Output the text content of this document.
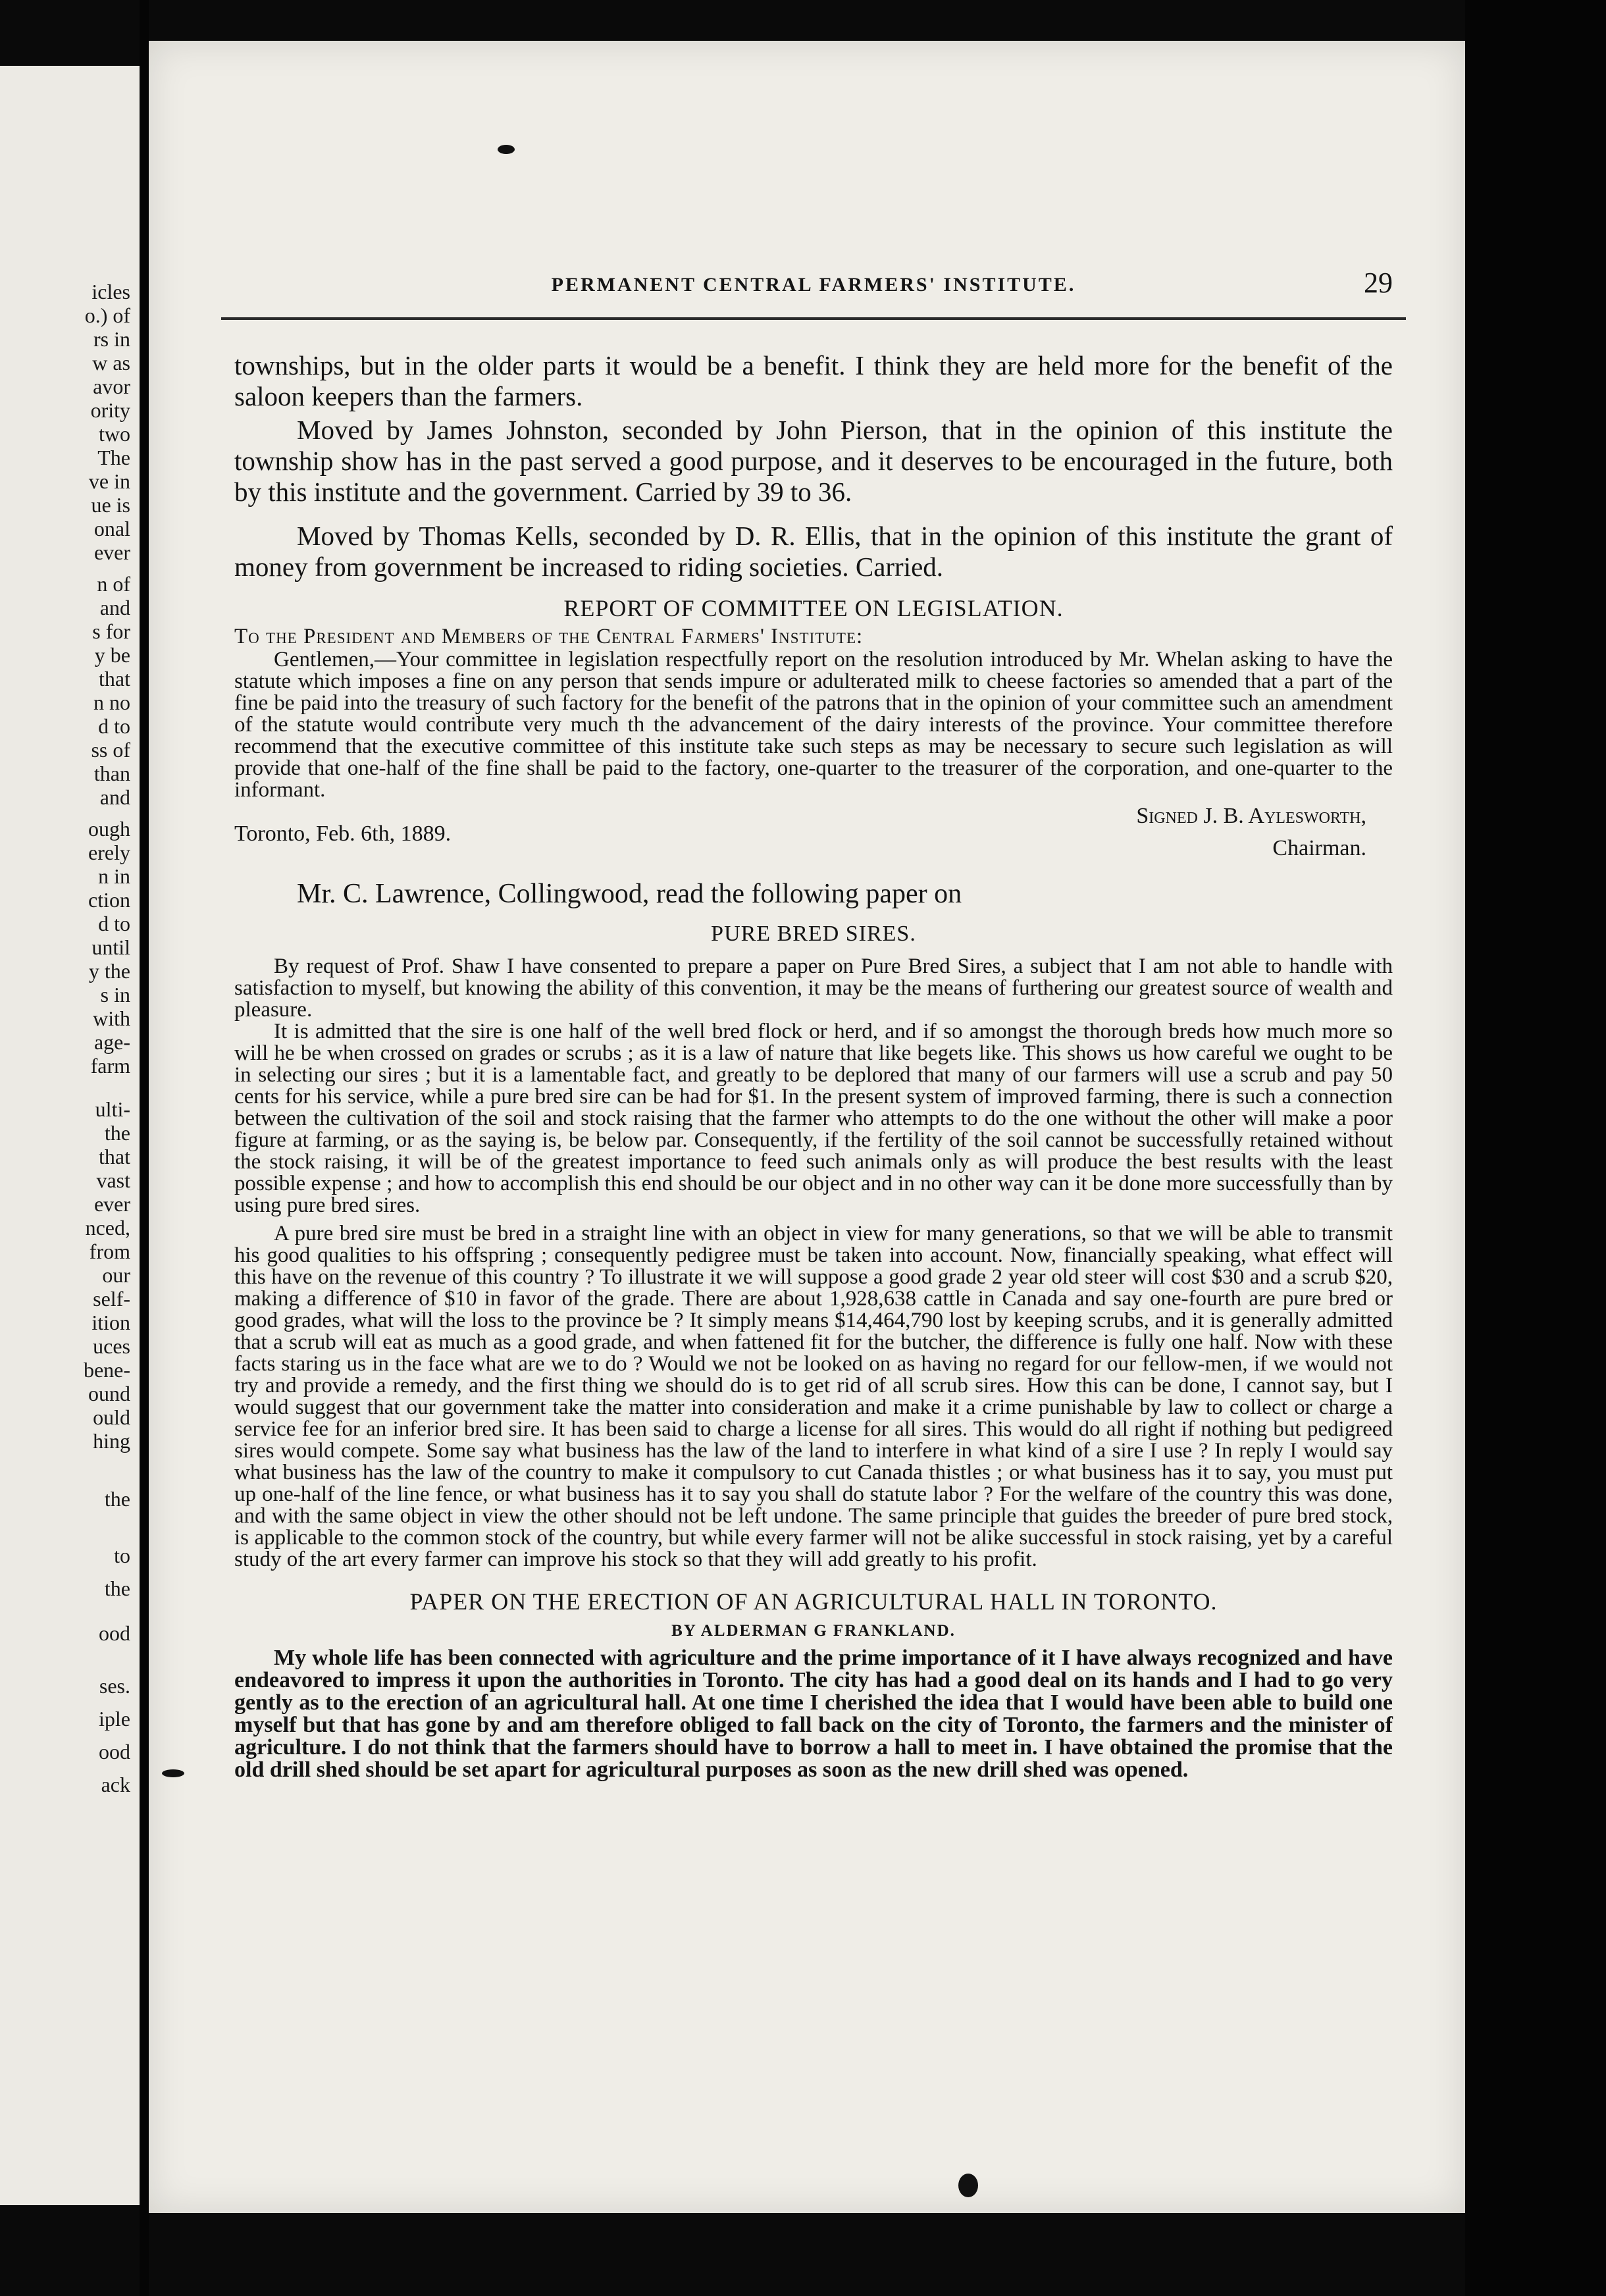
icles
o.) of
rs in
w as
avor
ority
two
The
ve in
ue is
onal
ever
n of
and
s for
y be
that
n no
d to
ss of
than
and
ough
erely
n in
ction
d to
until
y the
s in
with
age-
farm
ulti-
the
that
vast
ever
nced,
from
our
self-
ition
uces
bene-
ound
ould
hing
the
to
the
ood
ses.
iple
ood
ack
PERMANENT CENTRAL FARMERS' INSTITUTE.	29

townships, but in the older parts it would be a benefit. I think they are held more for the benefit of the saloon keepers than the farmers.

Moved by James Johnston, seconded by John Pierson, that in the opinion of this institute the township show has in the past served a good purpose, and it deserves to be encouraged in the future, both by this institute and the government. Carried by 39 to 36.

Moved by Thomas Kells, seconded by D. R. Ellis, that in the opinion of this institute the grant of money from government be increased to riding societies. Carried.

REPORT OF COMMITTEE ON LEGISLATION.

To the President and Members of the Central Farmers' Institute:

Gentlemen,—Your committee in legislation respectfully report on the resolution introduced by Mr. Whelan asking to have the statute which imposes a fine on any person that sends impure or adulterated milk to cheese factories so amended that a part of the fine be paid into the treasury of such factory for the benefit of the patrons that in the opinion of your committee such an amendment of the statute would contribute very much th the advancement of the dairy interests of the province. Your committee therefore recommend that the executive committee of this institute take such steps as may be necessary to secure such legislation as will provide that one-half of the fine shall be paid to the factory, one-quarter to the treasurer of the corporation, and one-quarter to the informant.

Signed J. B. Aylesworth,
Toronto, Feb. 6th, 1889.
Chairman.

Mr. C. Lawrence, Collingwood, read the following paper on

PURE BRED SIRES.

By request of Prof. Shaw I have consented to prepare a paper on Pure Bred Sires, a subject that I am not able to handle with satisfaction to myself, but knowing the ability of this convention, it may be the means of furthering our greatest source of wealth and pleasure.

It is admitted that the sire is one half of the well bred flock or herd, and if so amongst the thorough breds how much more so will he be when crossed on grades or scrubs ; as it is a law of nature that like begets like. This shows us how careful we ought to be in selecting our sires ; but it is a lamentable fact, and greatly to be deplored that many of our farmers will use a scrub and pay 50 cents for his service, while a pure bred sire can be had for $1. In the present system of improved farming, there is such a connection between the cultivation of the soil and stock raising that the farmer who attempts to do the one without the other will make a poor figure at farming, or as the saying is, be below par. Consequently, if the fertility of the soil cannot be successfully retained without the stock raising, it will be of the greatest importance to feed such animals only as will produce the best results with the least possible expense ; and how to accomplish this end should be our object and in no other way can it be done more successfully than by using pure bred sires.

A pure bred sire must be bred in a straight line with an object in view for many generations, so that we will be able to transmit his good qualities to his offspring ; consequently pedigree must be taken into account. Now, financially speaking, what effect will this have on the revenue of this country ? To illustrate it we will suppose a good grade 2 year old steer will cost $30 and a scrub $20, making a difference of $10 in favor of the grade. There are about 1,928,638 cattle in Canada and say one-fourth are pure bred or good grades, what will the loss to the province be ? It simply means $14,464,790 lost by keeping scrubs, and it is generally admitted that a scrub will eat as much as a good grade, and when fattened fit for the butcher, the difference is fully one half. Now with these facts staring us in the face what are we to do ? Would we not be looked on as having no regard for our fellow-men, if we would not try and provide a remedy, and the first thing we should do is to get rid of all scrub sires. How this can be done, I cannot say, but I would suggest that our government take the matter into consideration and make it a crime punishable by law to collect or charge a service fee for an inferior bred sire. It has been said to charge a license for all sires. This would do all right if nothing but pedigreed sires would compete. Some say what business has the law of the land to interfere in what kind of a sire I use ? In reply I would say what business has the law of the country to make it compulsory to cut Canada thistles ; or what business has it to say, you must put up one-half of the line fence, or what business has it to say you shall do statute labor ? For the welfare of the country this was done, and with the same object in view the other should not be left undone. The same principle that guides the breeder of pure bred stock, is applicable to the common stock of the country, but while every farmer will not be alike successful in stock raising, yet by a careful study of the art every farmer can improve his stock so that they will add greatly to his profit.

PAPER ON THE ERECTION OF AN AGRICULTURAL HALL IN TORONTO.

BY ALDERMAN G FRANKLAND.

My whole life has been connected with agriculture and the prime importance of it I have always recognized and have endeavored to impress it upon the authorities in Toronto. The city has had a good deal on its hands and I had to go very gently as to the erection of an agricultural hall. At one time I cherished the idea that I would have been able to build one myself but that has gone by and am therefore obliged to fall back on the city of Toronto, the farmers and the minister of agriculture. I do not think that the farmers should have to borrow a hall to meet in. I have obtained the promise that the old drill shed should be set apart for agricultural purposes as soon as the new drill shed was opened.
